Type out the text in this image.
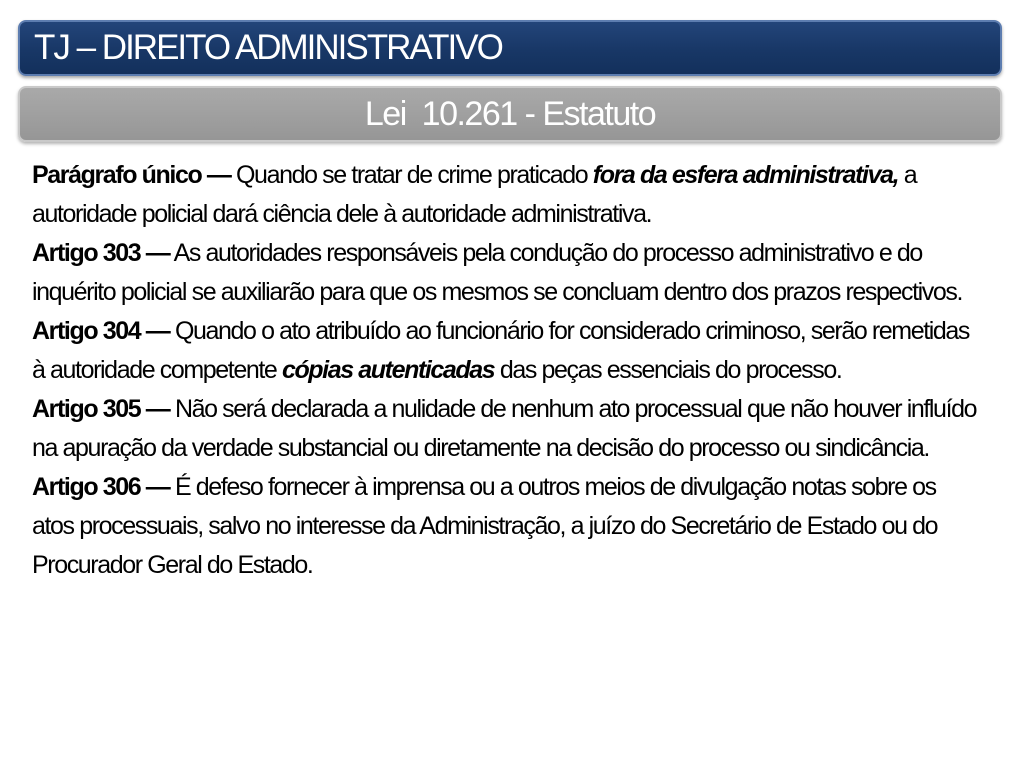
TJ – DIREITO ADMINISTRATIVO
Lei  10.261 - Estatuto

Parágrafo único — Quando se tratar de crime praticado fora da esfera administrativa, a autoridade policial dará ciência dele à autoridade administrativa.

Artigo 303 — As autoridades responsáveis pela condução do processo administrativo e do inquérito policial se auxiliarão para que os mesmos se concluam dentro dos prazos respectivos.

Artigo 304 — Quando o ato atribuído ao funcionário for considerado criminoso, serão remetidas à autoridade competente cópias autenticadas das peças essenciais do processo.

Artigo 305 — Não será declarada a nulidade de nenhum ato processual que não houver influído na apuração da verdade substancial ou diretamente na decisão do processo ou sindicância.

Artigo 306 — É defeso fornecer à imprensa ou a outros meios de divulgação notas sobre os atos processuais, salvo no interesse da Administração, a juízo do Secretário de Estado ou do Procurador Geral do Estado.
